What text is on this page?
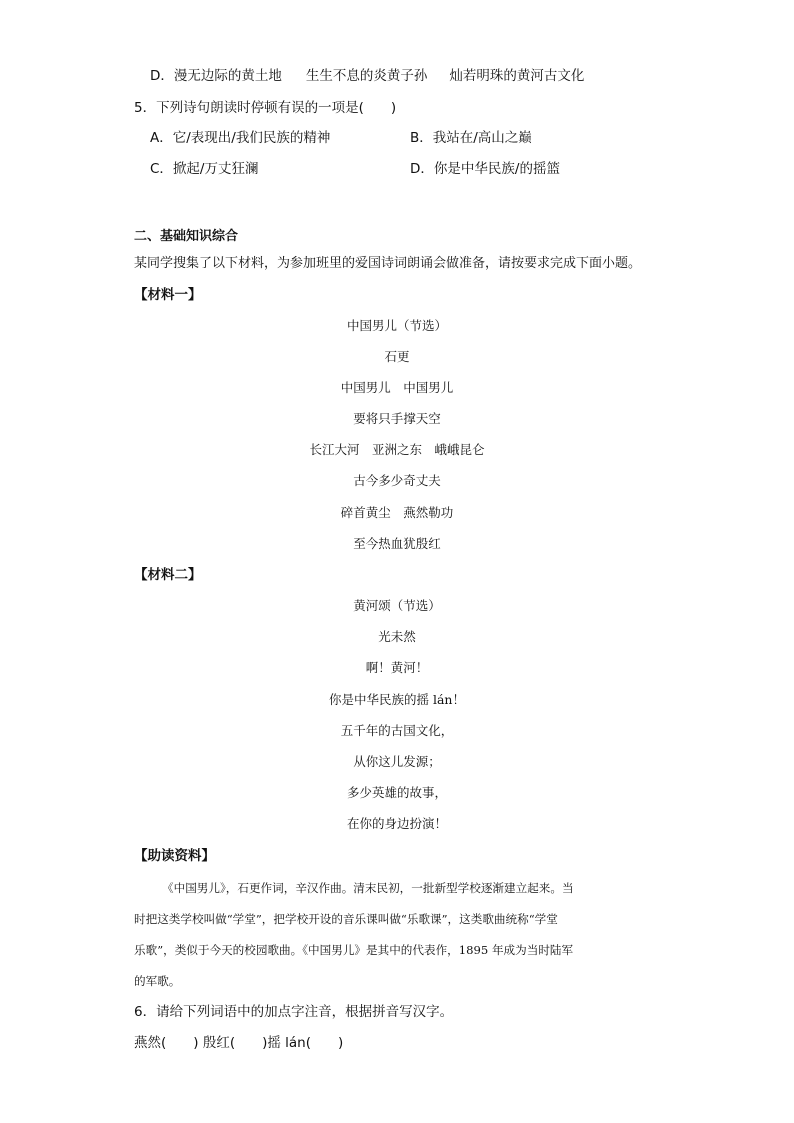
D．漫无边际的黄土地 生生不息的炎黄子孙 灿若明珠的黄河古文化
5．下列诗句朗读时停顿有误的一项是(　　)
A．它/表现出/我们民族的精神	B．我站在/高山之巅
C．掀起/万丈狂澜	D．你是中华民族/的摇篮
二、基础知识综合
某同学搜集了以下材料，为参加班里的爱国诗词朗诵会做准备，请按要求完成下面小题。
【材料一】
中国男儿（节选）
石更
中国男儿　中国男儿
要将只手撑天空
长江大河　亚洲之东　峨峨昆仑
古今多少奇丈夫
碎首黄尘　燕然勒功
至今热血犹殷红
【材料二】
黄河颂（节选）
光未然
啊！黄河！
你是中华民族的摇 lán！
五千年的古国文化，
从你这儿发源；
多少英雄的故事，
在你的身边扮演！
【助读资料】
《中国男儿》，石更作词，辛汉作曲。清末民初，一批新型学校逐渐建立起来。当
时把这类学校叫做“学堂”，把学校开设的音乐课叫做“乐歌课”，这类歌曲统称“学堂
乐歌”，类似于今天的校园歌曲。《中国男儿》是其中的代表作，1895 年成为当时陆军
的军歌。
6．请给下列词语中的加点字注音，根据拼音写汉字。
燕然(　　) 殷红(　　)摇 lán(　　)
